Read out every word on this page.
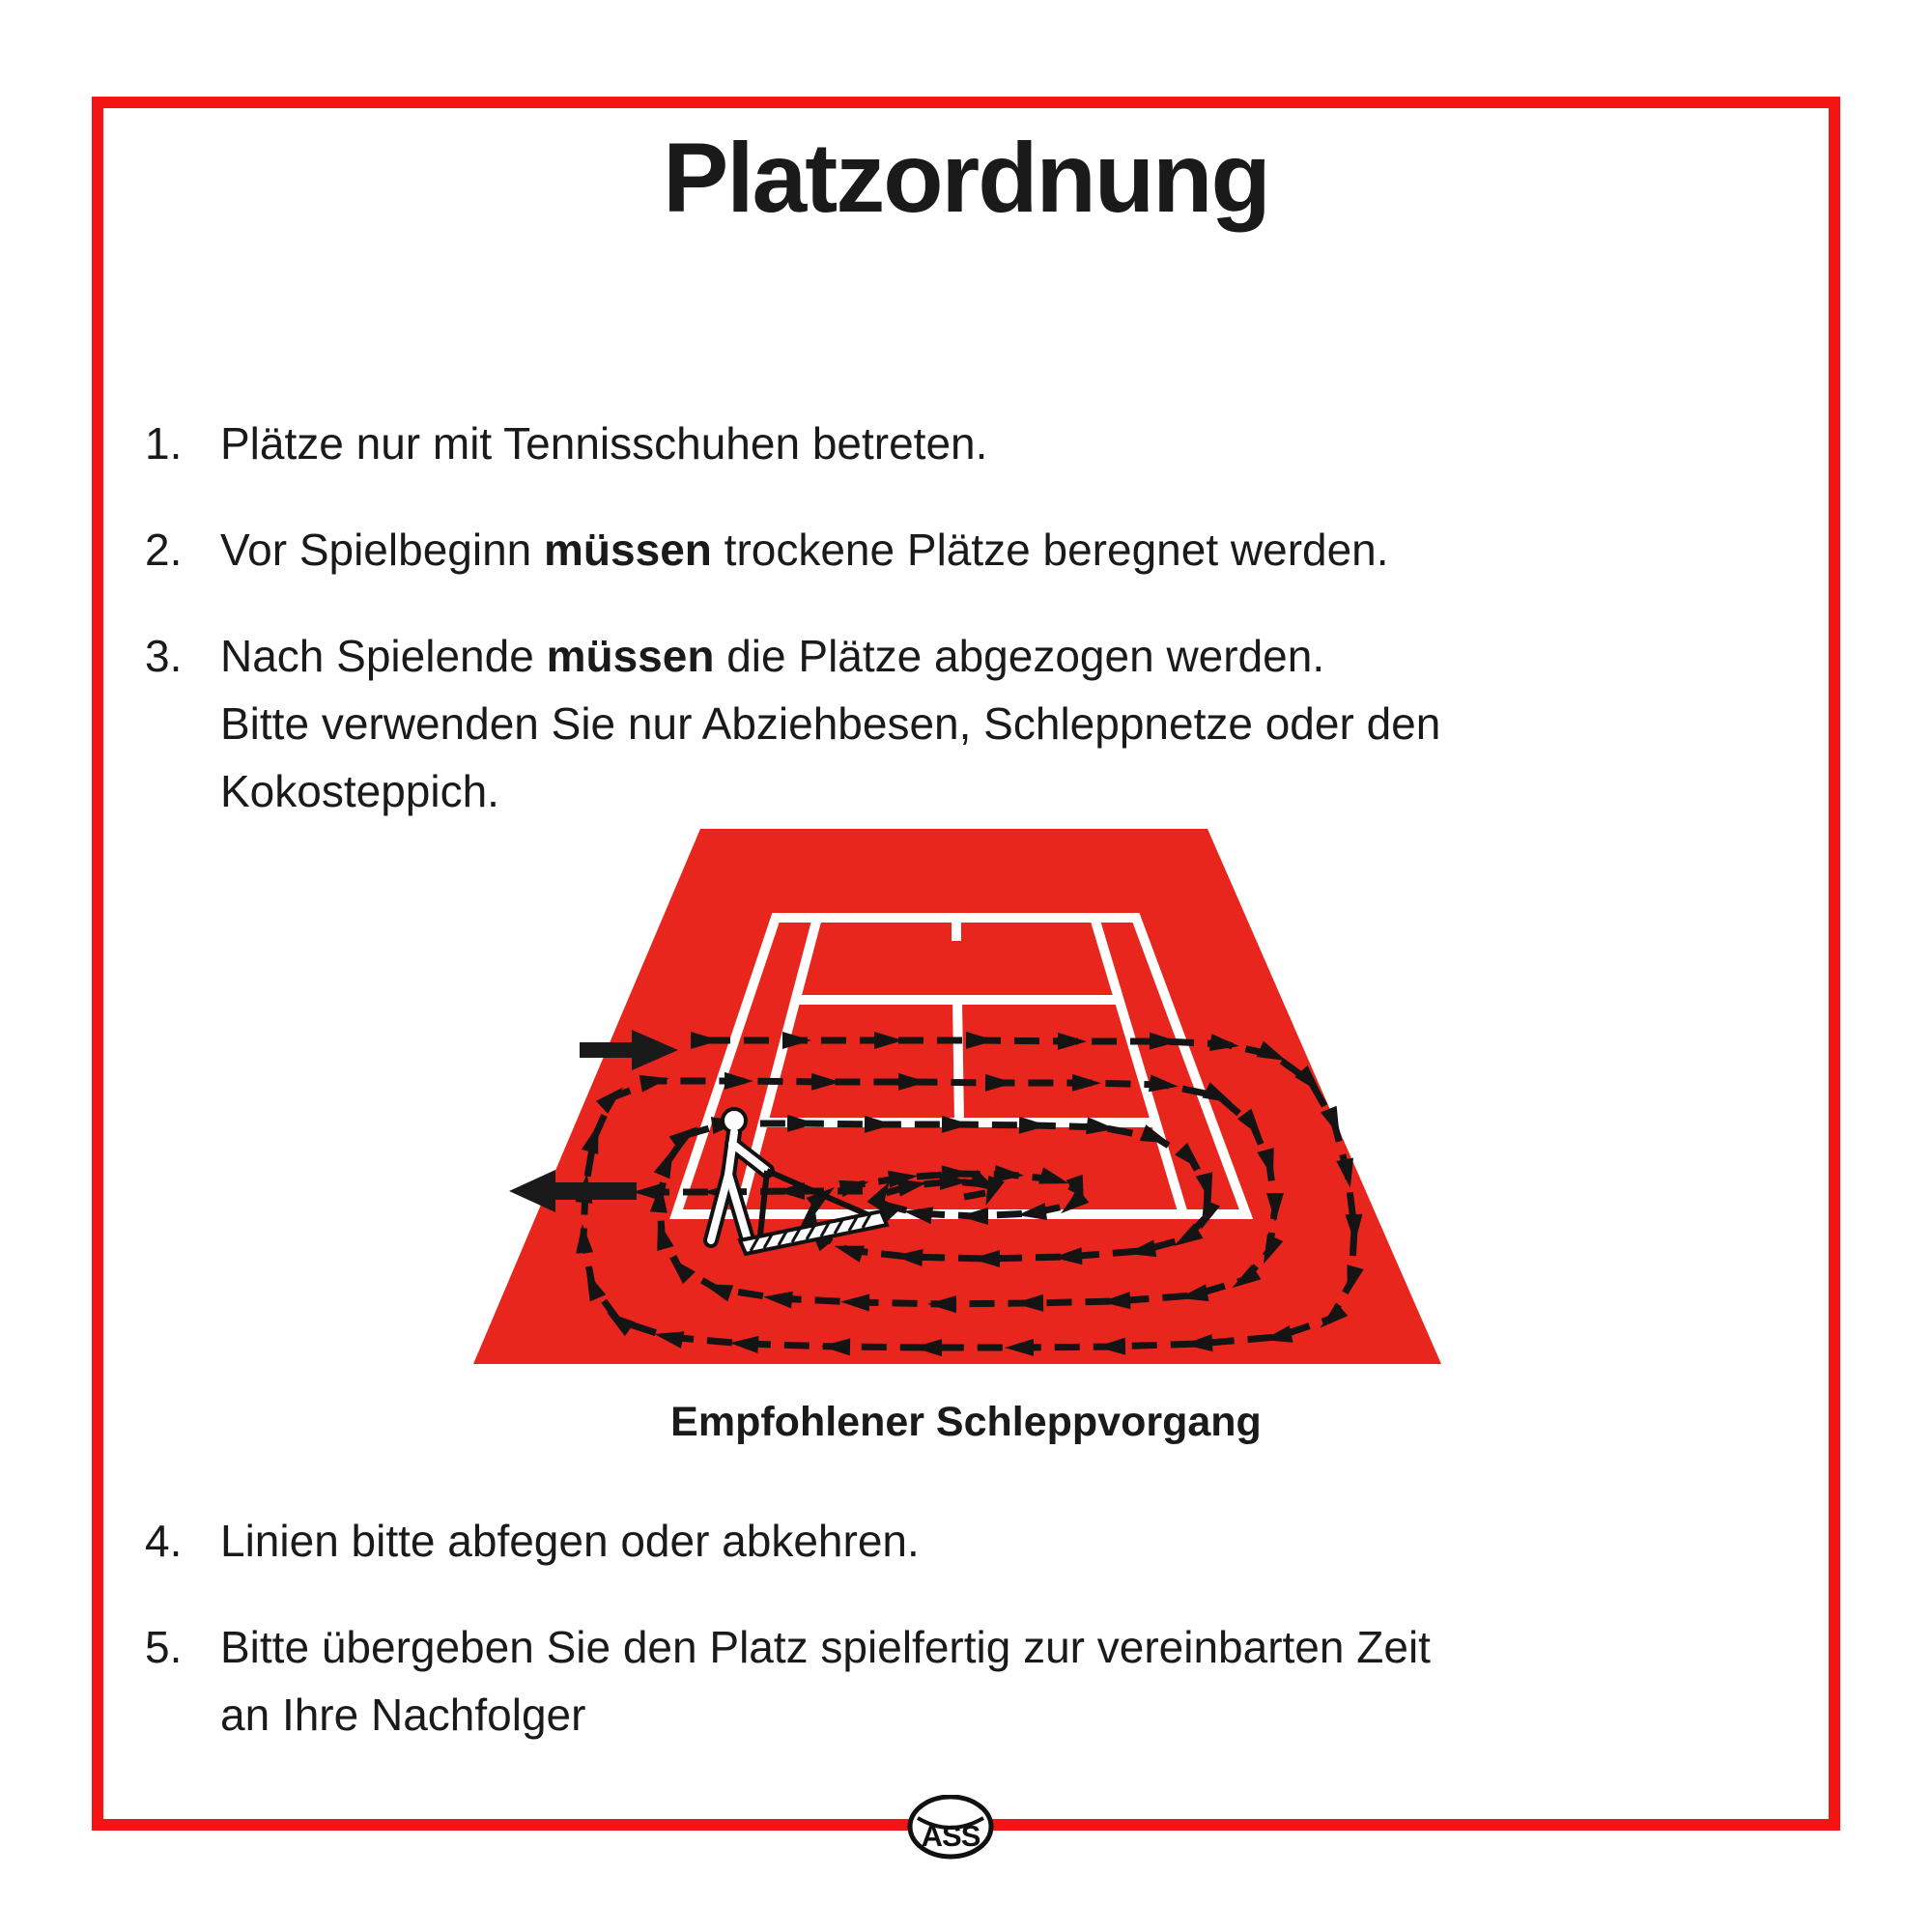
Platzordnung
1. Plätze nur mit Tennisschuhen betreten.
2. Vor Spielbeginn müssen trockene Plätze beregnet werden.
3. Nach Spielende müssen die Plätze abgezogen werden.
Bitte verwenden Sie nur Abziehbesen, Schleppnetze oder den
Kokosteppich.
Empfohlener Schleppvorgang
4. Linien bitte abfegen oder abkehren.
5. Bitte übergeben Sie den Platz spielfertig zur vereinbarten Zeit
an Ihre Nachfolger
ASS
